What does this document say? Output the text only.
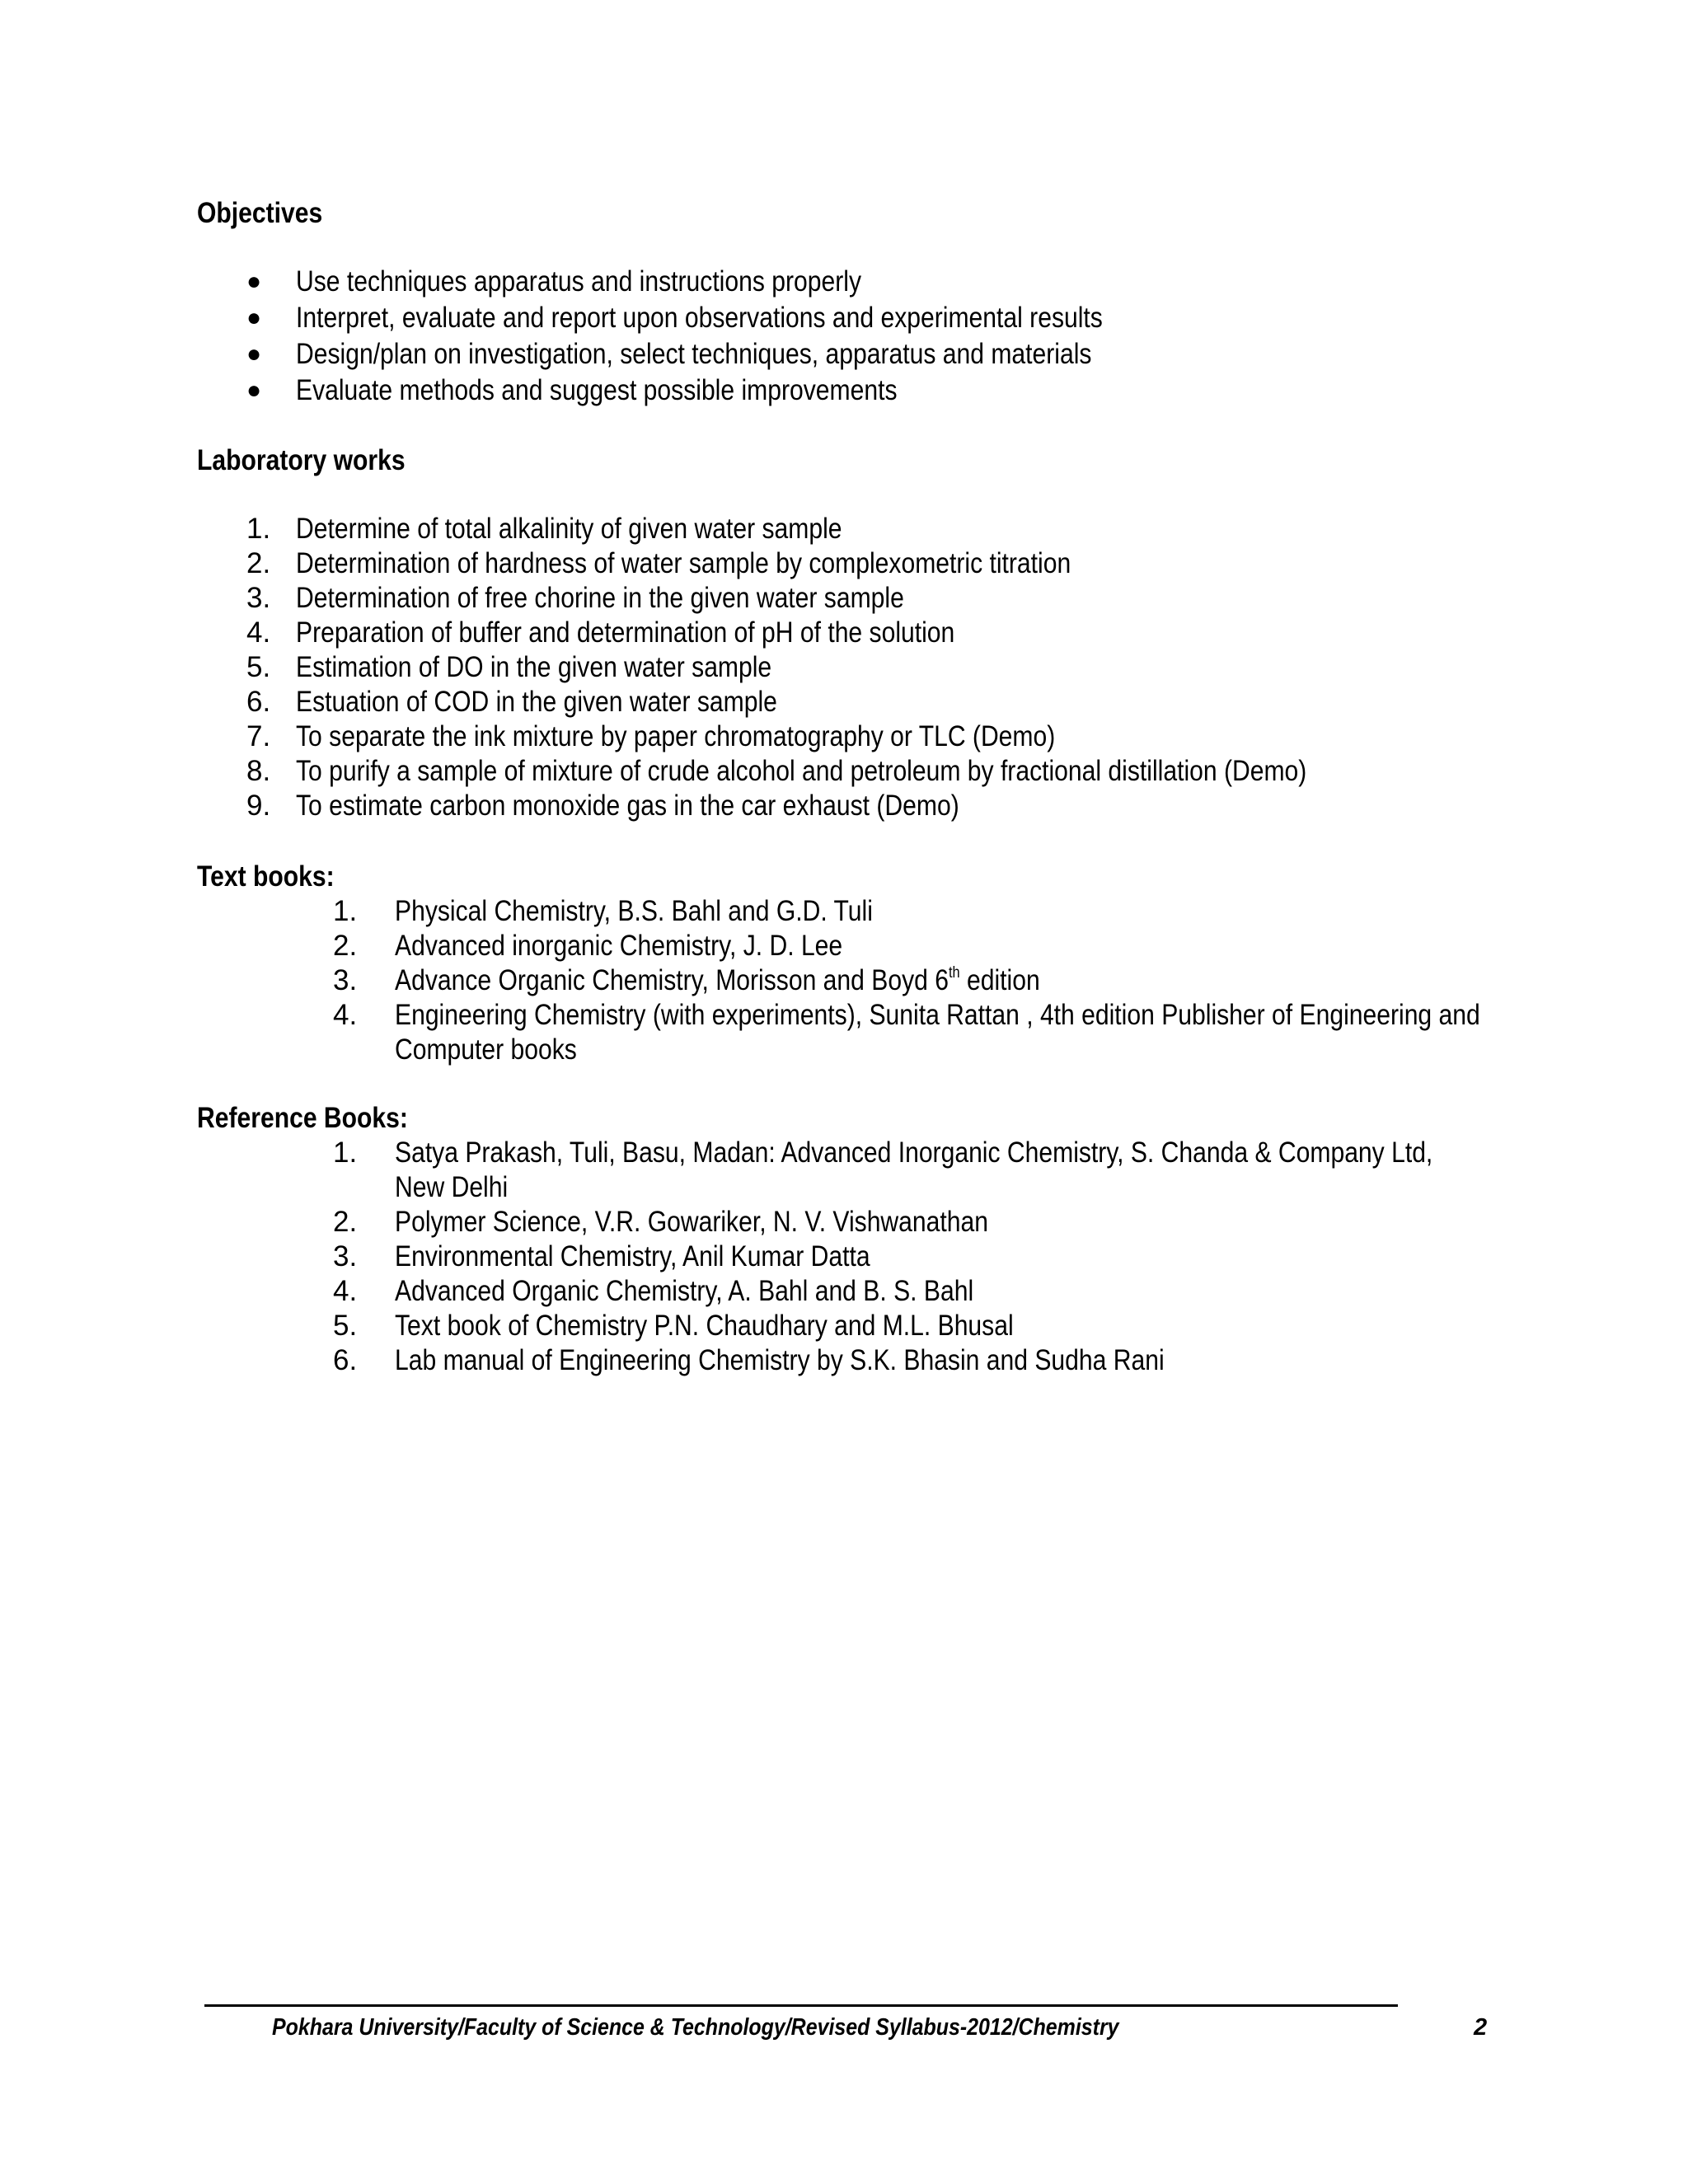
Objectives
● Use techniques apparatus and instructions properly
● Interpret, evaluate and report upon observations and experimental results
● Design/plan on investigation, select techniques, apparatus and materials
● Evaluate methods and suggest possible improvements
Laboratory works
1. Determine of total alkalinity of given water sample
2. Determination of hardness of water sample by complexometric titration
3. Determination of free chorine in the given water sample
4. Preparation of buffer and determination of pH of the solution
5. Estimation of DO in the given water sample
6. Estuation of COD in the given water sample
7. To separate the ink mixture by paper chromatography or TLC (Demo)
8. To purify a sample of mixture of crude alcohol and petroleum by fractional distillation (Demo)
9. To estimate carbon monoxide gas in the car exhaust (Demo)
Text books:
1. Physical Chemistry, B.S. Bahl and G.D. Tuli
2. Advanced inorganic Chemistry, J. D. Lee
3. Advance Organic Chemistry, Morisson and Boyd 6th edition
4. Engineering Chemistry (with experiments), Sunita Rattan , 4th edition Publisher of Engineering and
Computer books
Reference Books:
1. Satya Prakash, Tuli, Basu, Madan: Advanced Inorganic Chemistry, S. Chanda & Company Ltd,
New Delhi
2. Polymer Science, V.R. Gowariker, N. V. Vishwanathan
3. Environmental Chemistry, Anil Kumar Datta
4. Advanced Organic Chemistry, A. Bahl and B. S. Bahl
5. Text book of Chemistry P.N. Chaudhary and M.L. Bhusal
6. Lab manual of Engineering Chemistry by S.K. Bhasin and Sudha Rani
Pokhara University/Faculty of Science & Technology/Revised Syllabus-2012/Chemistry	2
